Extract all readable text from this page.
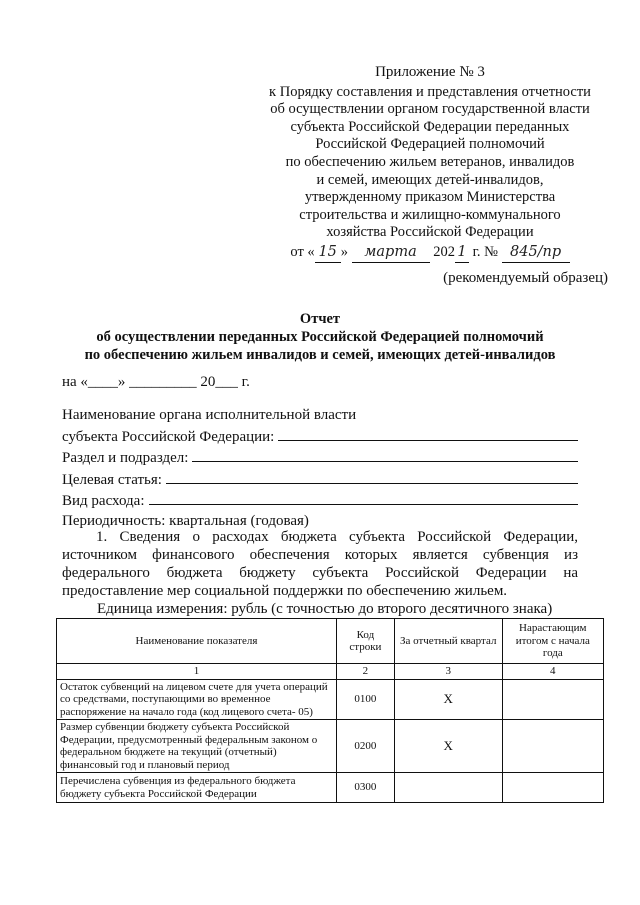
Приложение № 3
к Порядку составления и представления отчетности
об осуществлении органом государственной власти
субъекта Российской Федерации переданных
Российской Федерацией полномочий
по обеспечению жильем ветеранов, инвалидов
и семей, имеющих детей-инвалидов,
утвержденному приказом Министерства
строительства и жилищно-коммунального
хозяйства Российской Федерации
от « 15 » марта 202 1 г. № 845/пр
(рекомендуемый образец)
Отчет
об осуществлении переданных Российской Федерацией полномочий
по обеспечению жильем инвалидов и семей, имеющих детей-инвалидов
на «____» _________ 20___ г.
Наименование органа исполнительной власти
субъекта Российской Федерации:
Раздел и подраздел:
Целевая статья:
Вид расхода:
Периодичность: квартальная (годовая)
1. Сведения о расходах бюджета субъекта Российской Федерации, источником финансового обеспечения которых является субвенция из федерального бюджета бюджету субъекта Российской Федерации на предоставление мер социальной поддержки по обеспечению жильем.
Единица измерения: рубль (с точностью до второго десятичного знака)
Наименование показателя	Код строки	За отчетный квартал	Нарастающим итогом с начала года
1	2	3	4
Остаток субвенций на лицевом счете для учета операций со средствами, поступающими во временное распоряжение на начало года (код лицевого счета- 05)	0100	X	
Размер субвенции бюджету субъекта Российской Федерации, предусмотренный федеральным законом о федеральном бюджете на текущий (отчетный) финансовый год и плановый период	0200	X	
Перечислена субвенция из федерального бюджета бюджету субъекта Российской Федерации	0300		
